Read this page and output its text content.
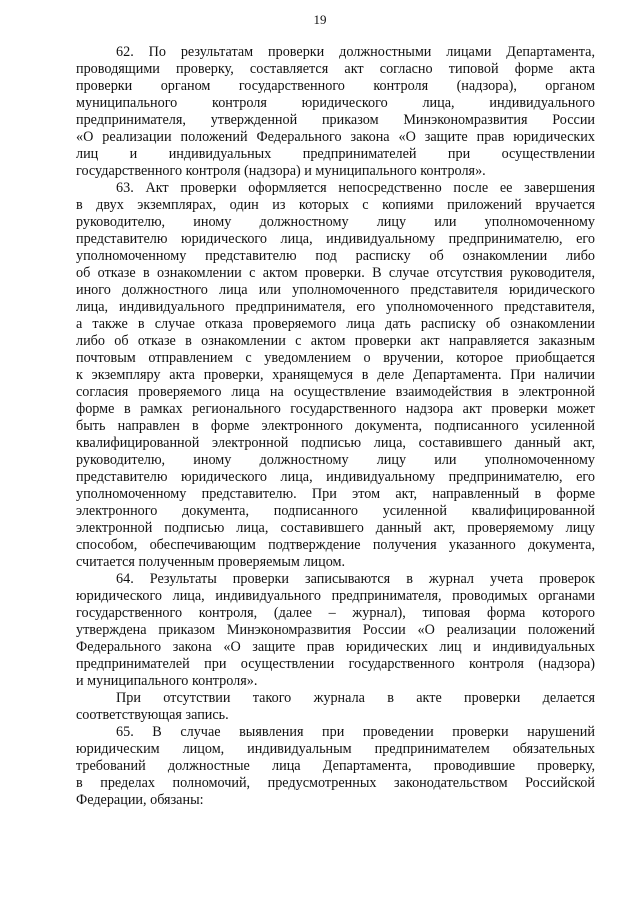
19
62. По результатам проверки должностными лицами Департамента,
проводящими проверку, составляется акт согласно типовой форме акта
проверки органом государственного контроля (надзора), органом
муниципального контроля юридического лица, индивидуального
предпринимателя, утвержденной приказом Минэкономразвития России
«О реализации положений Федерального закона «О защите прав юридических
лиц и индивидуальных предпринимателей при осуществлении
государственного контроля (надзора) и муниципального контроля».
63. Акт проверки оформляется непосредственно после ее завершения
в двух экземплярах, один из которых с копиями приложений вручается
руководителю, иному должностному лицу или уполномоченному
представителю юридического лица, индивидуальному предпринимателю, его
уполномоченному представителю под расписку об ознакомлении либо
об отказе в ознакомлении с актом проверки. В случае отсутствия руководителя,
иного должностного лица или уполномоченного представителя юридического
лица, индивидуального предпринимателя, его уполномоченного представителя,
а также в случае отказа проверяемого лица дать расписку об ознакомлении
либо об отказе в ознакомлении с актом проверки акт направляется заказным
почтовым отправлением с уведомлением о вручении, которое приобщается
к экземпляру акта проверки, хранящемуся в деле Департамента. При наличии
согласия проверяемого лица на осуществление взаимодействия в электронной
форме в рамках регионального государственного надзора акт проверки может
быть направлен в форме электронного документа, подписанного усиленной
квалифицированной электронной подписью лица, составившего данный акт,
руководителю, иному должностному лицу или уполномоченному
представителю юридического лица, индивидуальному предпринимателю, его
уполномоченному представителю. При этом акт, направленный в форме
электронного документа, подписанного усиленной квалифицированной
электронной подписью лица, составившего данный акт, проверяемому лицу
способом, обеспечивающим подтверждение получения указанного документа,
считается полученным проверяемым лицом.
64. Результаты проверки записываются в журнал учета проверок
юридического лица, индивидуального предпринимателя, проводимых органами
государственного контроля, (далее – журнал), типовая форма которого
утверждена приказом Минэкономразвития России «О реализации положений
Федерального закона «О защите прав юридических лиц и индивидуальных
предпринимателей при осуществлении государственного контроля (надзора)
и муниципального контроля».
При отсутствии такого журнала в акте проверки делается
соответствующая запись.
65. В случае выявления при проведении проверки нарушений
юридическим лицом, индивидуальным предпринимателем обязательных
требований должностные лица Департамента, проводившие проверку,
в пределах полномочий, предусмотренных законодательством Российской
Федерации, обязаны:
